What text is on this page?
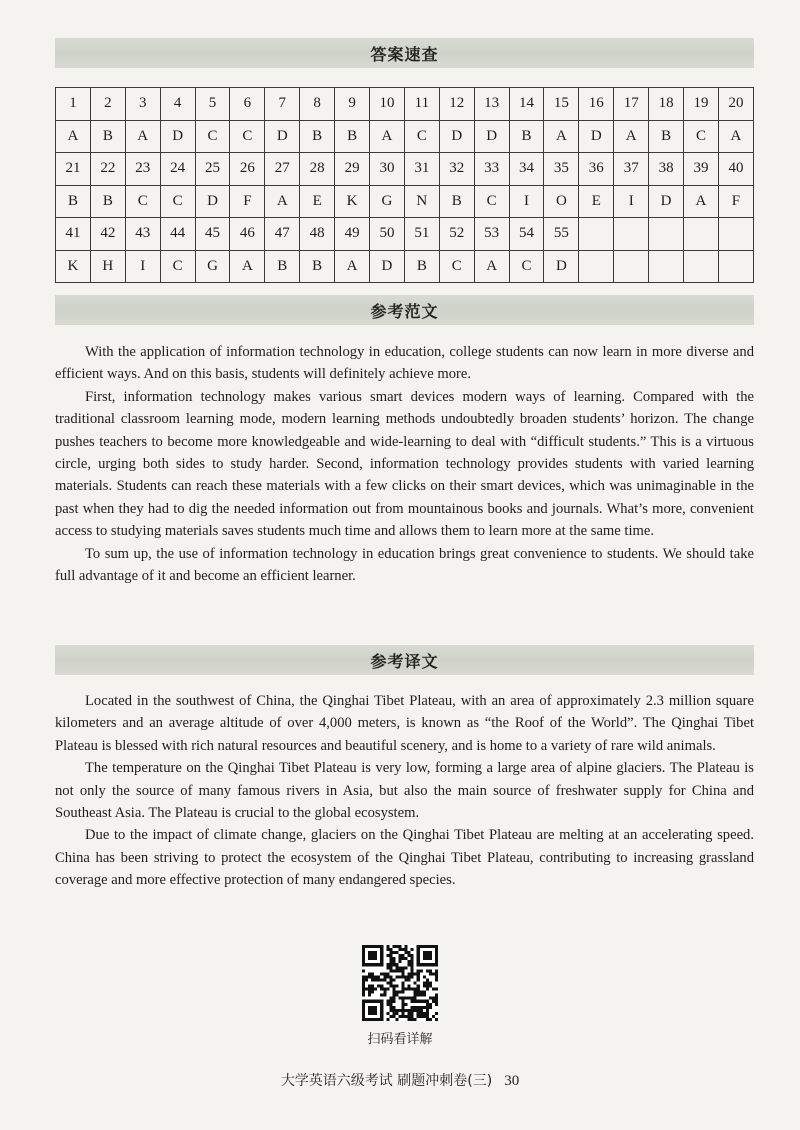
答案速查
1	2	3	4	5	6	7	8	9	10	11	12	13	14	15	16	17	18	19	20
A	B	A	D	C	C	D	B	B	A	C	D	D	B	A	D	A	B	C	A
21	22	23	24	25	26	27	28	29	30	31	32	33	34	35	36	37	38	39	40
B	B	C	C	D	F	A	E	K	G	N	B	C	I	O	E	I	D	A	F
41	42	43	44	45	46	47	48	49	50	51	52	53	54	55					
K	H	I	C	G	A	B	B	A	D	B	C	A	C	D					
参考范文

With the application of information technology in education, college students can now learn in more diverse and efficient ways. And on this basis, students will definitely achieve more.

First, information technology makes various smart devices modern ways of learning. Compared with the traditional classroom learning mode, modern learning methods undoubtedly broaden students’ horizon. The change pushes teachers to become more knowledgeable and wide-learning to deal with “difficult students.” This is a virtuous circle, urging both sides to study harder. Second, information technology provides students with varied learning materials. Students can reach these materials with a few clicks on their smart devices, which was unimaginable in the past when they had to dig the needed information out from mountainous books and journals. What’s more, convenient access to studying materials saves students much time and allows them to learn more at the same time.

To sum up, the use of information technology in education brings great convenience to students. We should take full advantage of it and become an efficient learner.

参考译文

Located in the southwest of China, the Qinghai Tibet Plateau, with an area of approximately 2.3 million square kilometers and an average altitude of over 4,000 meters, is known as “the Roof of the World”. The Qinghai Tibet Plateau is blessed with rich natural resources and beautiful scenery, and is home to a variety of rare wild animals.

The temperature on the Qinghai Tibet Plateau is very low, forming a large area of alpine glaciers. The Plateau is not only the source of many famous rivers in Asia, but also the main source of freshwater supply for China and Southeast Asia. The Plateau is crucial to the global ecosystem.

Due to the impact of climate change, glaciers on the Qinghai Tibet Plateau are melting at an accelerating speed. China has been striving to protect the ecosystem of the Qinghai Tibet Plateau, contributing to increasing grassland coverage and more effective protection of many endangered species.

扫码看详解
大学英语六级考试 刷题冲刺卷(三) 30
